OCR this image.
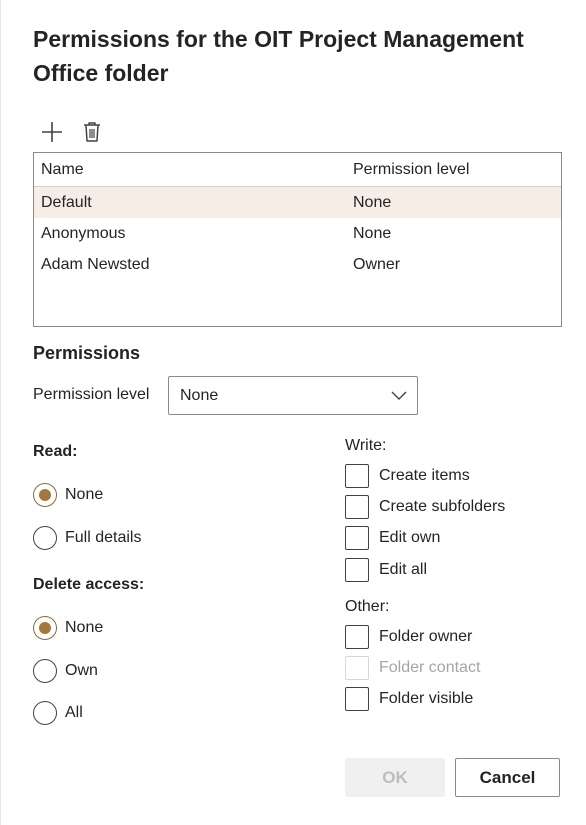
Permissions for the OIT Project Management Office folder
Name	Permission level
Default	None
Anonymous	None
Adam Newsted	Owner
Permissions
Permission level None
Read:
None
Full details
Delete access:
None
Own
All
Write:
Create items
Create subfolders
Edit own
Edit all
Other:
Folder owner
Folder contact
Folder visible
OK	Cancel
